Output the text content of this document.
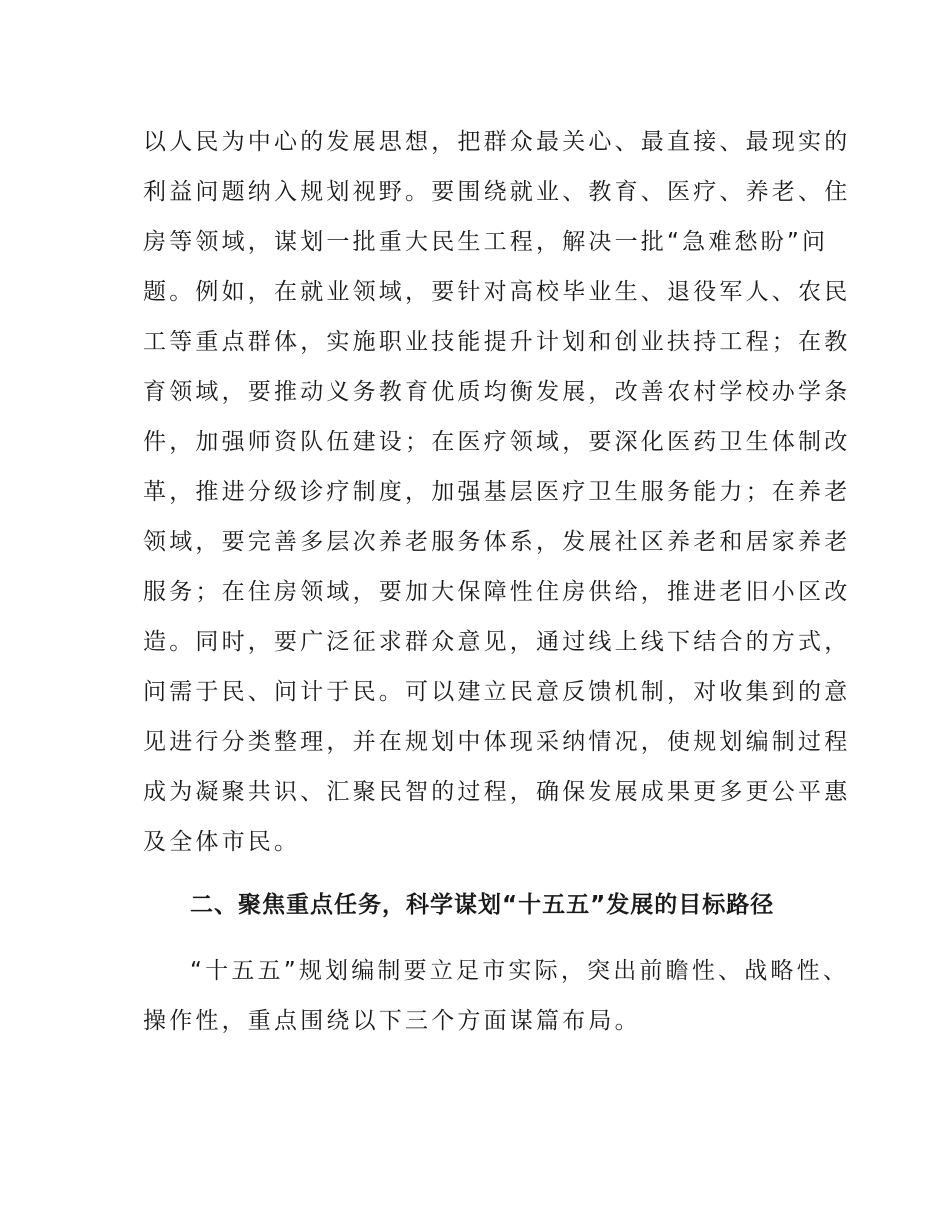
以人民为中心的发展思想，把群众最关心、最直接、最现实的
利益问题纳入规划视野。要围绕就业、教育、医疗、养老、住
房等领域，谋划一批重大民生工程，解决一批“急难愁盼”问
题。例如，在就业领域，要针对高校毕业生、退役军人、农民
工等重点群体，实施职业技能提升计划和创业扶持工程；在教
育领域，要推动义务教育优质均衡发展，改善农村学校办学条
件，加强师资队伍建设；在医疗领域，要深化医药卫生体制改
革，推进分级诊疗制度，加强基层医疗卫生服务能力；在养老
领域，要完善多层次养老服务体系，发展社区养老和居家养老
服务；在住房领域，要加大保障性住房供给，推进老旧小区改
造。同时，要广泛征求群众意见，通过线上线下结合的方式，
问需于民、问计于民。可以建立民意反馈机制，对收集到的意
见进行分类整理，并在规划中体现采纳情况，使规划编制过程
成为凝聚共识、汇聚民智的过程，确保发展成果更多更公平惠
及全体市民。
二、聚焦重点任务，科学谋划“十五五”发展的目标路径
“十五五”规划编制要立足市实际，突出前瞻性、战略性、
操作性，重点围绕以下三个方面谋篇布局。
